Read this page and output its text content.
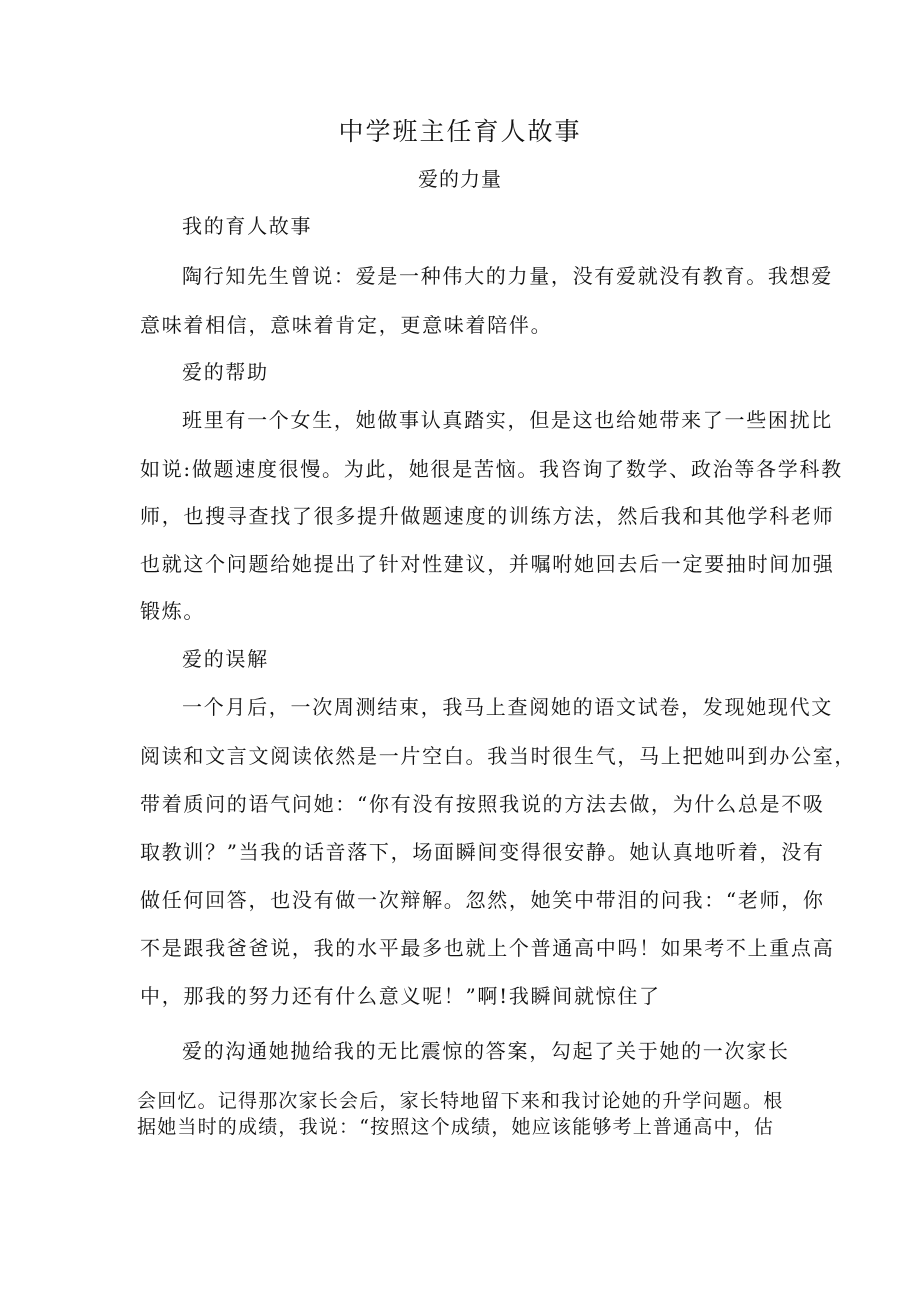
中学班主任育人故事
爱的力量
我的育人故事
陶行知先生曾说：爱是一种伟大的力量，没有爱就没有教育。我想爱
意味着相信，意味着肯定，更意味着陪伴。
爱的帮助
班里有一个女生，她做事认真踏实，但是这也给她带来了一些困扰比
如说:做题速度很慢。为此，她很是苦恼。我咨询了数学、政治等各学科教
师，也搜寻查找了很多提升做题速度的训练方法，然后我和其他学科老师
也就这个问题给她提出了针对性建议，并嘱咐她回去后一定要抽时间加强
锻炼。
爱的误解
一个月后，一次周测结束，我马上查阅她的语文试卷，发现她现代文
阅读和文言文阅读依然是一片空白。我当时很生气，马上把她叫到办公室，
带着质问的语气问她：“你有没有按照我说的方法去做，为什么总是不吸
取教训？”当我的话音落下，场面瞬间变得很安静。她认真地听着，没有
做任何回答，也没有做一次辩解。忽然，她笑中带泪的问我：“老师，你
不是跟我爸爸说，我的水平最多也就上个普通高中吗！如果考不上重点高
中，那我的努力还有什么意义呢！”啊!我瞬间就惊住了
爱的沟通她抛给我的无比震惊的答案，勾起了关于她的一次家长
会回忆。记得那次家长会后，家长特地留下来和我讨论她的升学问题。根
据她当时的成绩，我说：“按照这个成绩，她应该能够考上普通高中，估
